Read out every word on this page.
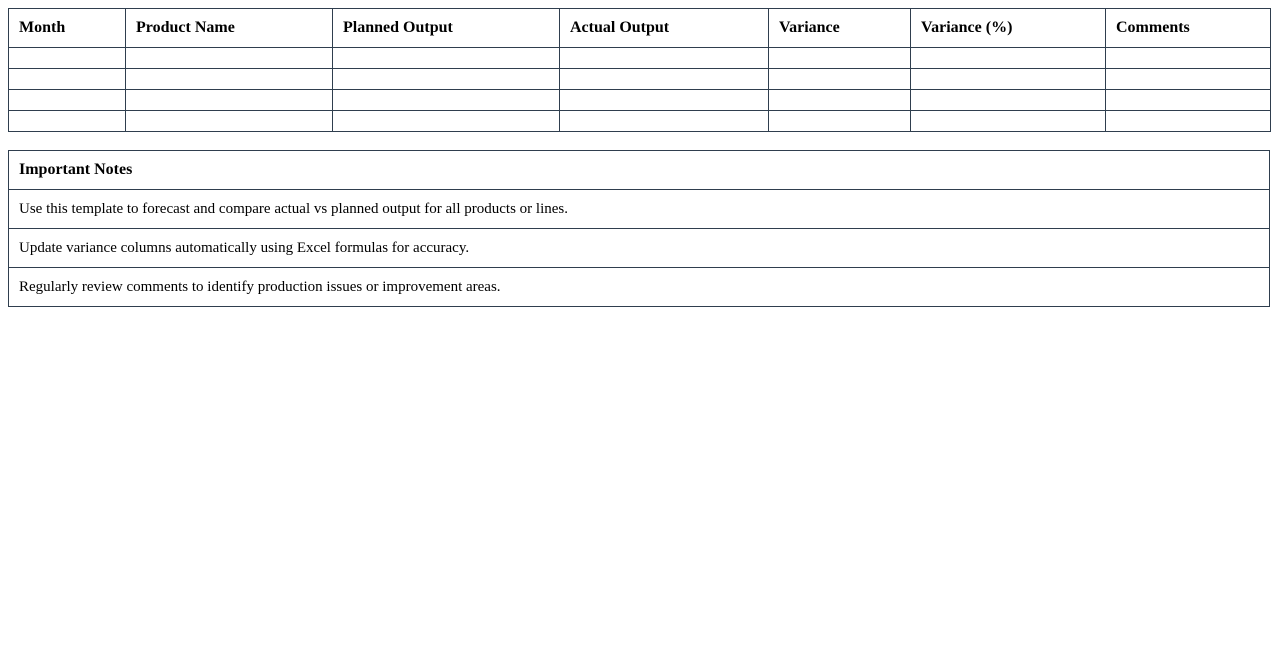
Month	Product Name	Planned Output	Actual Output	Variance	Variance (%)	Comments

Important Notes
Use this template to forecast and compare actual vs planned output for all products or lines.
Update variance columns automatically using Excel formulas for accuracy.
Regularly review comments to identify production issues or improvement areas.
